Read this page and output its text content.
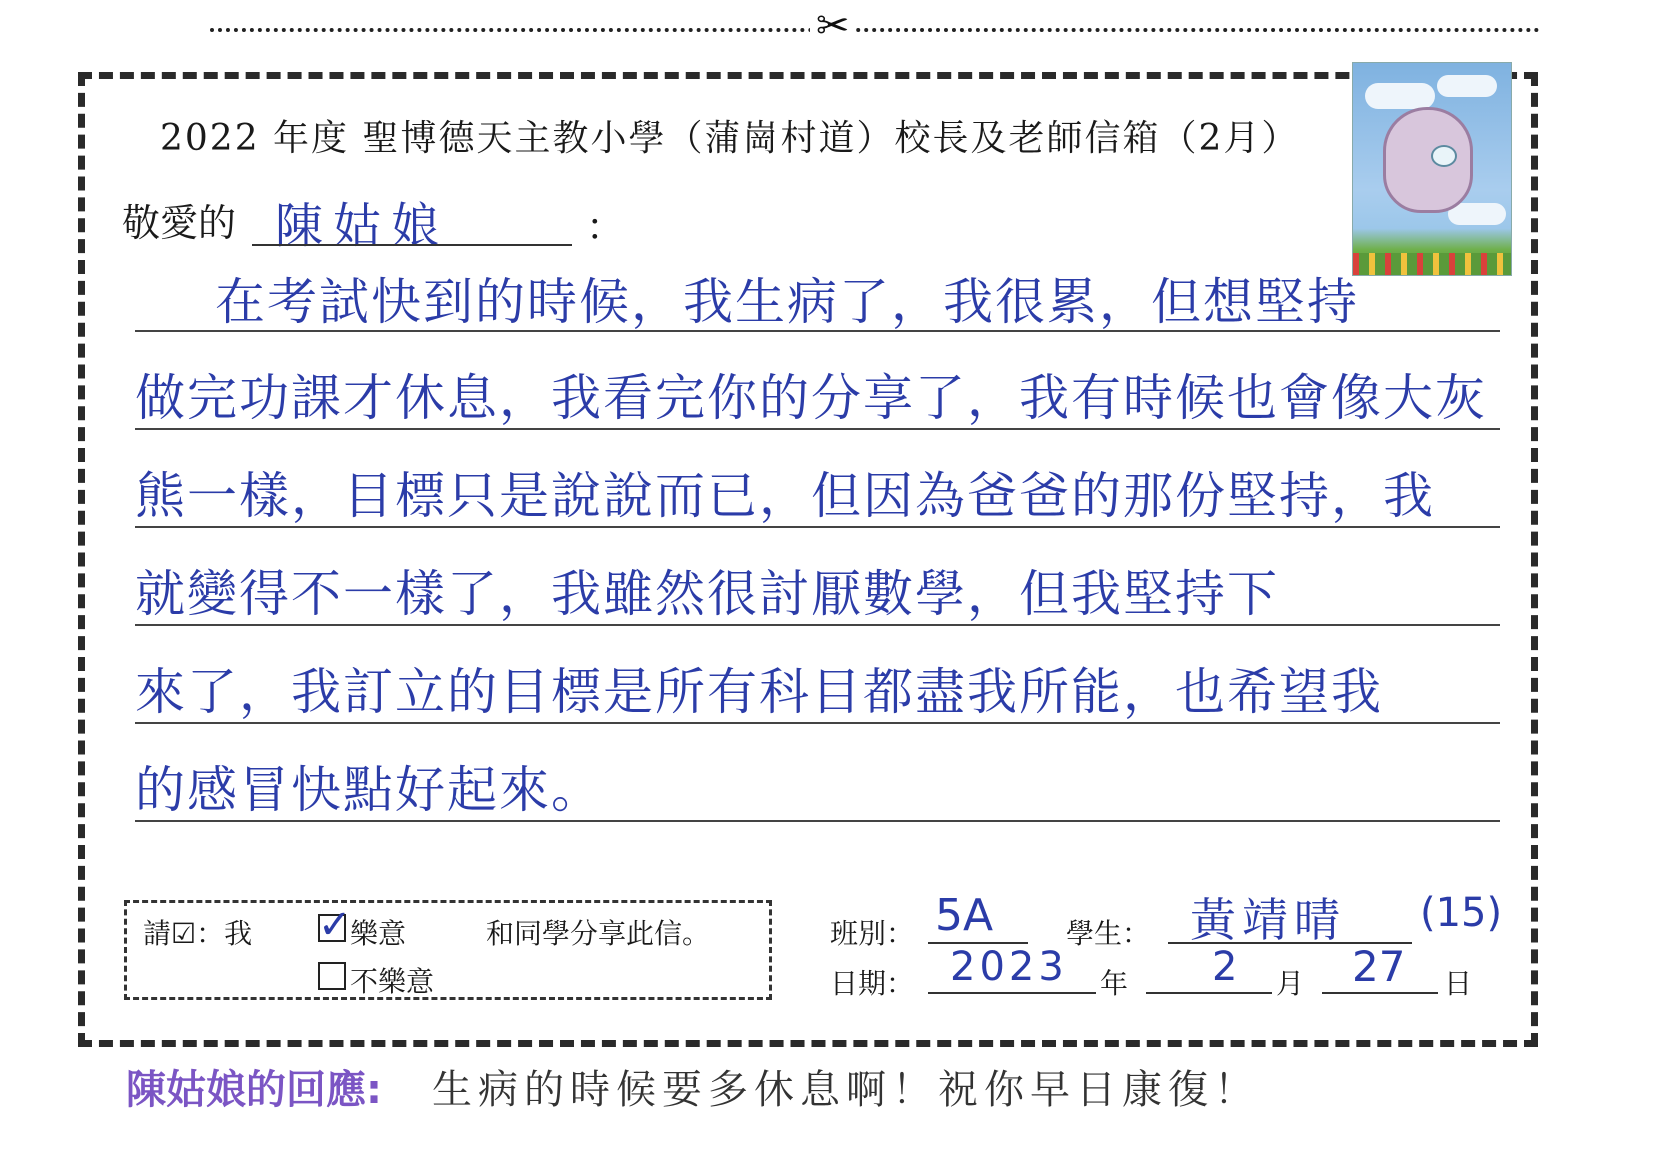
✂
2022 年度 聖博德天主教小學（蒲崗村道）校長及老師信箱（2月）
敬愛的 陳姑娘	：
在考試快到的時候，我生病了，我很累，但想堅持
做完功課才休息，我看完你的分享了，我有時候也會像大灰
熊一樣，目標只是說說而已，但因為爸爸的那份堅持，我
就變得不一樣了，我雖然很討厭數學，但我堅持下
來了，我訂立的目標是所有科目都盡我所能，也希望我
的感冒快點好起來。
請☑：我 ✓
樂意	和同學分享此信。
不樂意
班別： 5A	學生： 黃靖晴 (15)
日期： 2023 年 2 月 27 日
陳姑娘的回應: 生病的時候要多休息啊！祝你早日康復！
